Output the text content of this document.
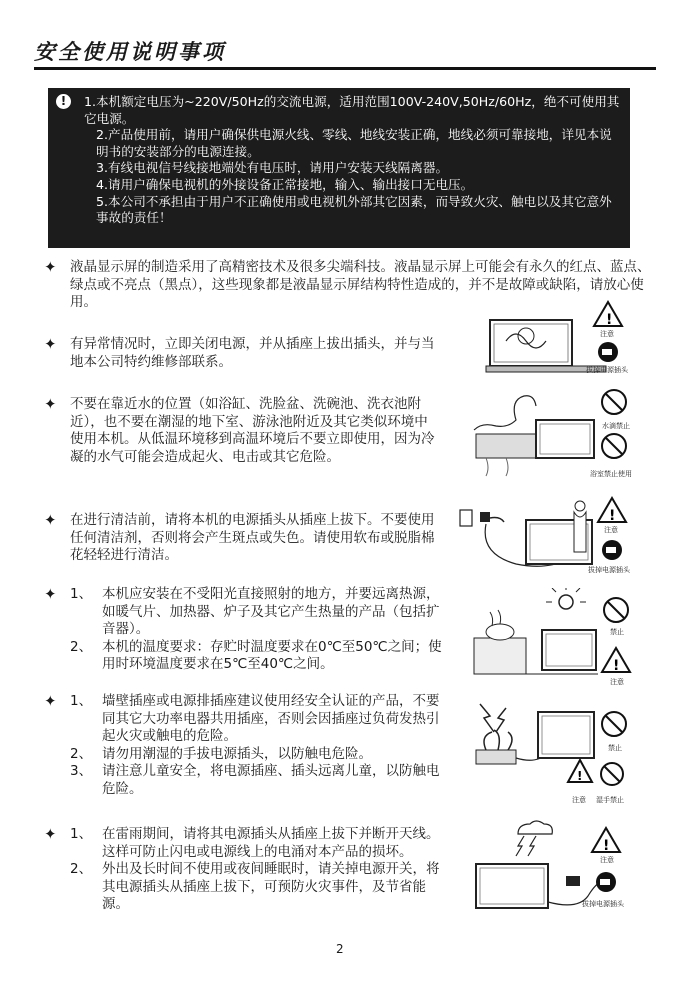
安全使用说明事项
!	1.本机额定电压为~220V/50Hz的交流电源，适用范围100V-240V,50Hz/60Hz，绝不可使用其它电源。
2.产品使用前，请用户确保供电源火线、零线、地线安装正确，地线必须可靠接地，详见本说明书的安装部分的电源连接。
3.有线电视信号线接地端处有电压时，请用户安装天线隔离器。
4.请用户确保电视机的外接设备正常接地，输入、输出接口无电压。
5.本公司不承担由于用户不正确使用或电视机外部其它因素，而导致火灾、触电以及其它意外事故的责任！
✦ 液晶显示屏的制造采用了高精密技术及很多尖端科技。液晶显示屏上可能会有永久的红点、蓝点、绿点或不亮点（黑点），这些现象都是液晶显示屏结构特性造成的，并不是故障或缺陷，请放心使用。
✦ 有异常情况时，立即关闭电源，并从插座上拔出插头，并与当地本公司特约维修部联系。
!
注意
拔掉电源插头
✦ 不要在靠近水的位置（如浴缸、洗脸盆、洗碗池、洗衣池附近），也不要在潮湿的地下室、游泳池附近及其它类似环境中使用本机。从低温环境移到高温环境后不要立即使用，因为冷凝的水气可能会造成起火、电击或其它危险。
水滴禁止
浴室禁止使用
✦ 在进行清洁前，请将本机的电源插头从插座上拔下。不要使用任何清洁剂，否则将会产生斑点或失色。请使用软布或脱脂棉花轻轻进行清洁。
!
注意
拔掉电源插头
✦ 1、 本机应安装在不受阳光直接照射的地方，并要远离热源，如暖气片、加热器、炉子及其它产生热量的产品（包括扩音器）。
2、 本机的温度要求：存贮时温度要求在0℃至50℃之间；使用时环境温度要求在5℃至40℃之间。
禁止
!
注意
✦ 1、 墙壁插座或电源排插座建议使用经安全认证的产品，不要同其它大功率电器共用插座，否则会因插座过负荷发热引起火灾或触电的危险。
2、 请勿用潮湿的手拔电源插头，以防触电危险。
3、 请注意儿童安全，将电源插座、插头远离儿童，以防触电危险。
禁止
!
注意 湿手禁止
✦ 1、 在雷雨期间，请将其电源插头从插座上拔下并断开天线。这样可防止闪电或电源线上的电涌对本产品的损坏。
2、 外出及长时间不使用或夜间睡眠时，请关掉电源开关，将其电源插头从插座上拔下，可预防火灾事件，及节省能源。
!
注意
拔掉电源插头
2
